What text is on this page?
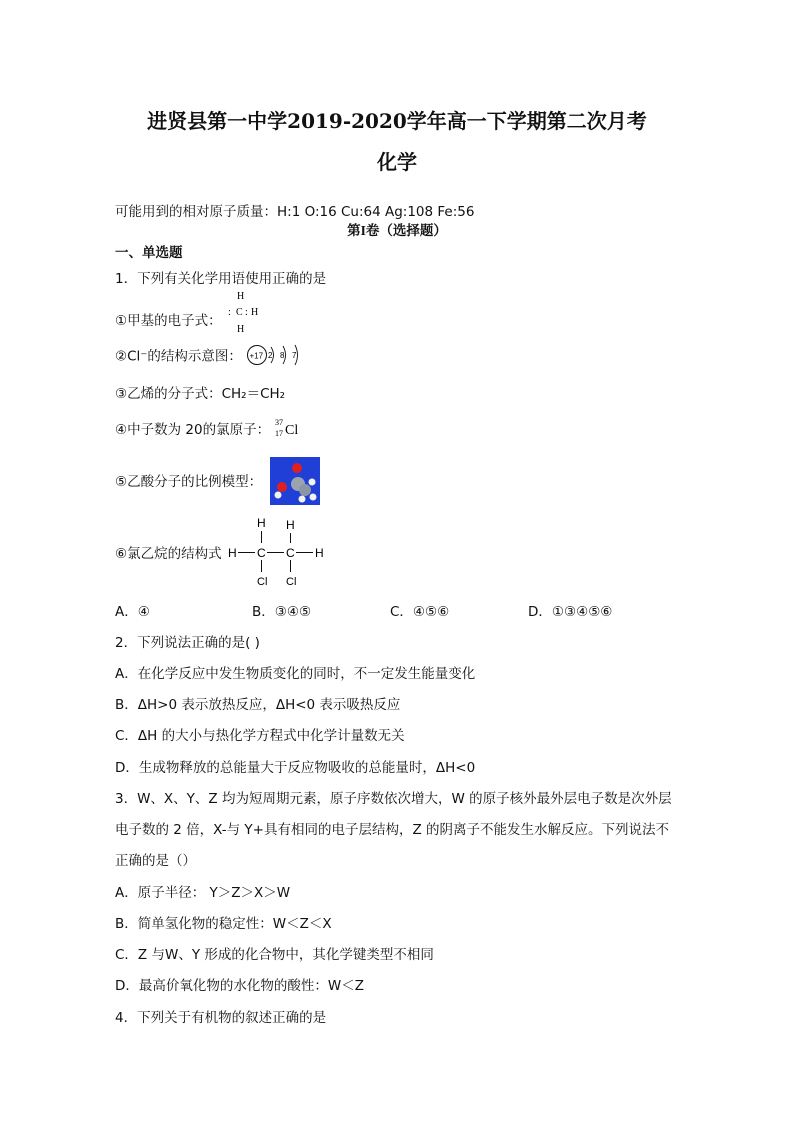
进贤县第一中学2019-2020学年高一下学期第二次月考
化学
可能用到的相对原子质量：H:1 O:16 Cu:64 Ag:108 Fe:56
第I卷（选择题）
一、单选题
1．下列有关化学用语使用正确的是
①甲基的电子式：
H
: C : H
H
②Cl⁻的结构示意图： +17 2 8 7
③乙烯的分子式：CH₂＝CH₂
④中子数为 20的氯原子： 37
17 Cl
⑤乙酸分子的比例模型：
⑥氯乙烷的结构式
H H
H C C H
Cl Cl
A．④	B．③④⑤	C．④⑤⑥	D．①③④⑤⑥
2．下列说法正确的是( )
A．在化学反应中发生物质变化的同时，不一定发生能量变化
B．ΔH>0 表示放热反应，ΔH<0 表示吸热反应
C．ΔH 的大小与热化学方程式中化学计量数无关
D．生成物释放的总能量大于反应物吸收的总能量时，ΔH<0
3．W、X、Y、Z 均为短周期元素，原子序数依次增大，W 的原子核外最外层电子数是次外层
电子数的 2 倍，X-与 Y+具有相同的电子层结构，Z 的阴离子不能发生水解反应。下列说法不
正确的是（）
A．原子半径： Y＞Z＞X＞W
B．简单氢化物的稳定性：W＜Z＜X
C．Z 与W、Y 形成的化合物中，其化学键类型不相同
D．最高价氧化物的水化物的酸性：W＜Z
4．下列关于有机物的叙述正确的是
